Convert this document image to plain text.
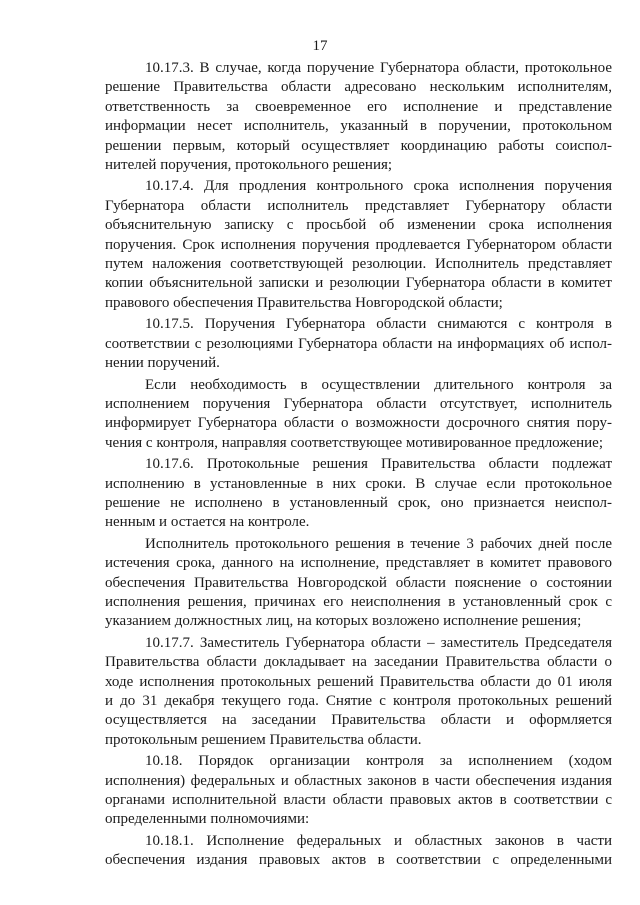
17

10.17.3. В случае, когда поручение Губернатора области, протокольное
решение Правительства области адресовано нескольким исполнителям,
ответственность за своевременное его исполнение и представление
информации несет исполнитель, указанный в поручении, протокольном
решении первым, который осуществляет координацию работы соиспол-
нителей поручения, протокольного решения;

10.17.4. Для продления контрольного срока исполнения поручения
Губернатора области исполнитель представляет Губернатору области
объяснительную записку с просьбой об изменении срока исполнения
поручения. Срок исполнения поручения продлевается Губернатором области
путем наложения соответствующей резолюции. Исполнитель представляет
копии объяснительной записки и резолюции Губернатора области в комитет
правового обеспечения Правительства Новгородской области;

10.17.5. Поручения Губернатора области снимаются с контроля в
соответствии с резолюциями Губернатора области на информациях об испол-
нении поручений.

Если необходимость в осуществлении длительного контроля за
исполнением поручения Губернатора области отсутствует, исполнитель
информирует Губернатора области о возможности досрочного снятия пору-
чения с контроля, направляя соответствующее мотивированное предложение;

10.17.6. Протокольные решения Правительства области подлежат
исполнению в установленные в них сроки. В случае если протокольное
решение не исполнено в установленный срок, оно признается неиспол-
ненным и остается на контроле.

Исполнитель протокольного решения в течение 3 рабочих дней после
истечения срока, данного на исполнение, представляет в комитет правового
обеспечения Правительства Новгородской области пояснение о состоянии
исполнения решения, причинах его неисполнения в установленный срок с
указанием должностных лиц, на которых возложено исполнение решения;

10.17.7. Заместитель Губернатора области – заместитель Председателя
Правительства области докладывает на заседании Правительства области о
ходе исполнения протокольных решений Правительства области до 01 июля
и до 31 декабря текущего года. Снятие с контроля протокольных решений
осуществляется на заседании Правительства области и оформляется
протокольным решением Правительства области.

10.18. Порядок организации контроля за исполнением (ходом
исполнения) федеральных и областных законов в части обеспечения издания
органами исполнительной власти области правовых актов в соответствии с
определенными полномочиями:

10.18.1. Исполнение федеральных и областных законов в части
обеспечения издания правовых актов в соответствии с определенными
